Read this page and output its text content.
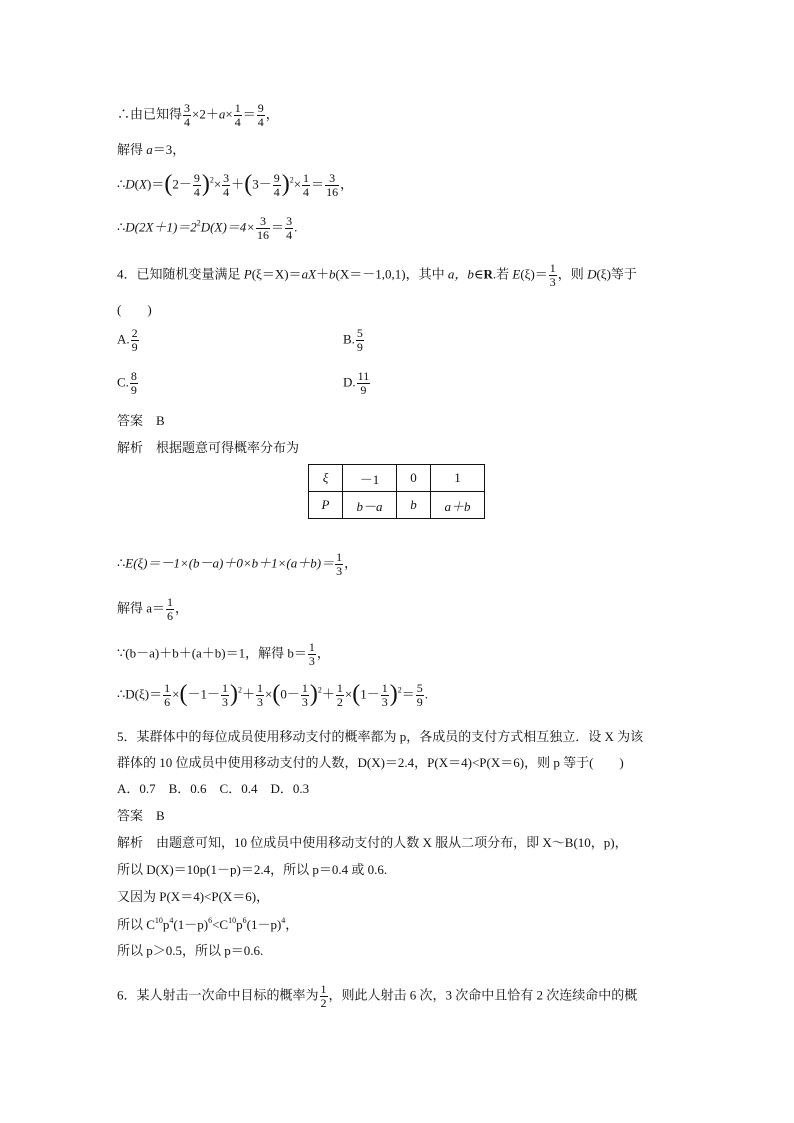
∴由已知得 $\frac{3}{4} \times 2+a\times \frac{1}{4} = \frac{9}{4}$ ，
解得 a＝3，
∴D(X)＝(2－ $\frac{9}{4} )^2\times \frac{3}{4} +(3- \frac{9}{4} )^2\times \frac{1}{4} = \frac{3}{16}$ ，
$\therefore D(2X+1)=2^2D(X)=4\times \frac{3}{16} = \frac{3}{4}$ .
4．已知随机变量满足 P(ξ＝X)＝aX＋b(X＝－1,0,1)，其中 a，b∈R.若 $E(\xi)= \frac{1}{3}$ ，则 D(ξ)等于
(　　)
A. $\frac{2}{9}$	B. $\frac{5}{9}$
C. $\frac{8}{9}$	D. $\frac{11}{9}$
答案　B
解析　根据题意可得概率分布为
ξ	－1	0	1
P	b－a	b	a＋b
∴E(ξ)＝－1×(b－a)＋0×b＋1×(a＋b)＝ $\frac{1}{3}$ ，
解得 $a= \frac{1}{6}$ ，
∵(b－a)＋b＋(a＋b)＝1，解得 $b= \frac{1}{3}$ ，
∴D(ξ)＝ $\frac{1}{6} \times(-1- \frac{1}{3} )^2+ \frac{1}{3} \times(0- \frac{1}{3} )^2+ \frac{1}{2} \times(1- \frac{1}{3} )^2= \frac{5}{9}$ .
5．某群体中的每位成员使用移动支付的概率都为 p，各成员的支付方式相互独立．设 X 为该
群体的 10 位成员中使用移动支付的人数，D(X)＝2.4，P(X＝4)<P(X＝6)，则 p 等于(　　)
A．0.7　B．0.6　C．0.4　D．0.3
答案　B
解析　由题意可知，10 位成员中使用移动支付的人数 X 服从二项分布，即 X～B(10，p)，
所以 D(X)＝10p(1－p)＝2.4，所以 p＝0.4 或 0.6.
又因为 P(X＝4)<P(X＝6)，
所以 $C^{10}p^4(1-p)^6<C^{10}p^6(1-p)^4$，
所以 p＞0.5，所以 p＝0.6.
6．某人射击一次命中目标的概率为 $\frac{1}{2}$ ，则此人射击 6 次，3 次命中且恰有 2 次连续命中的概
